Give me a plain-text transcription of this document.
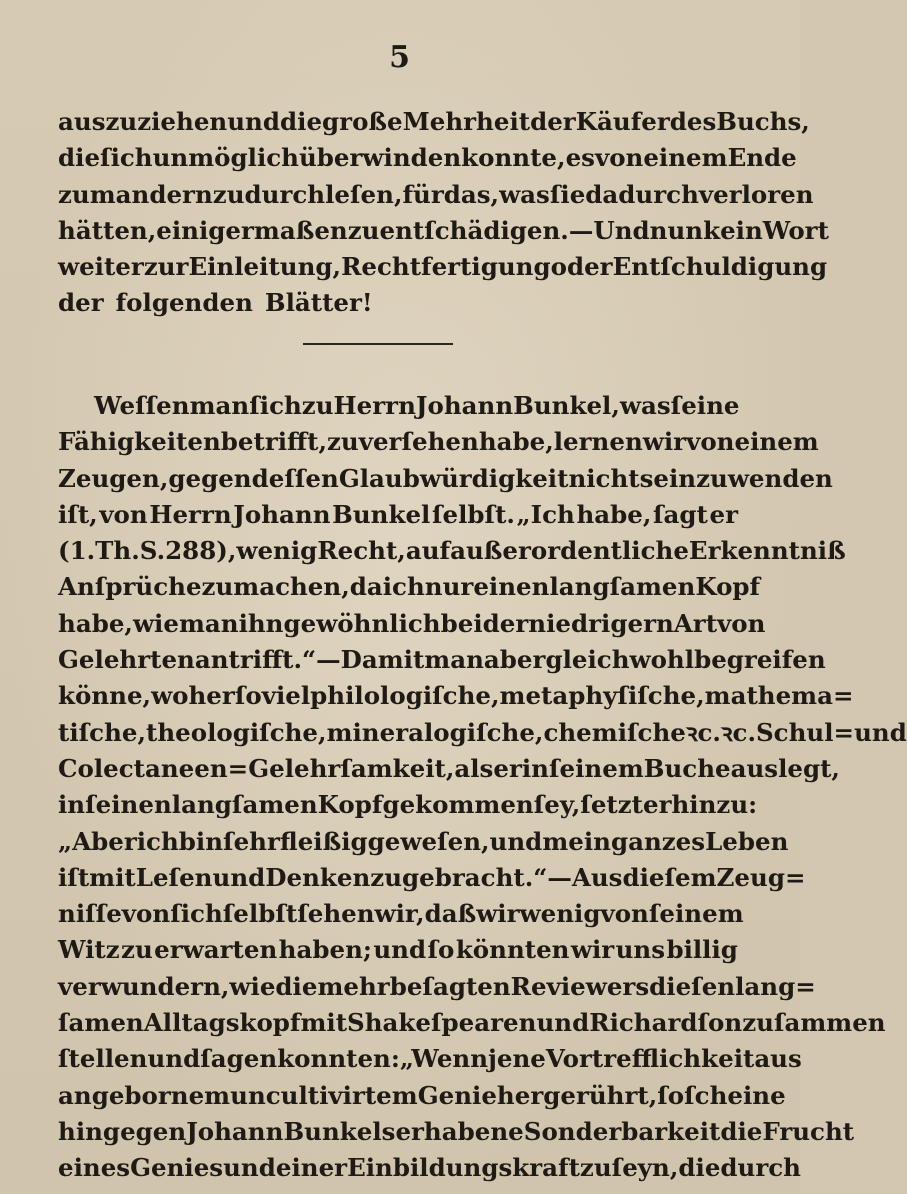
5
auszuziehen und die große Mehrheit der Käufer des Buchs,
die ſich unmöglich überwinden konnte, es von einem Ende
zum andern zu durchleſen, für das, was ſie dadurch verloren
hätten, einigermaßen zu entſchädigen. — Und nun kein Wort
weiter zur Einleitung, Rechtfertigung oder Entſchuldigung
der folgenden Blätter!
Weſſen man ſich zu Herrn Johann Bunkel, was ſeine
Fähigkeiten betrifft, zu verſehen habe, lernen wir von einem
Zeugen, gegen deſſen Glaubwürdigkeit nichts einzuwenden
iſt, von Herrn Johann Bunkel ſelbſt. „Ich habe, ſagt er
(1. Th. S. 288), wenig Recht, auf außerordentliche Erkenntniß
Anſprüche zu machen, da ich nur einen langſamen Kopf
habe, wie man ihn gewöhnlich bei der niedrigern Art von
Gelehrten antrifft.“ — Damit man aber gleichwohl begreifen
könne, woher ſo viel philologiſche, metaphyſiſche, mathema=
tiſche, theologiſche, mineralogiſche, chemiſche ꝛc. ꝛc. Schul= und
Colectaneen = Gelehrſamkeit, als er in ſeinem Buche auslegt,
in ſeinen langſamen Kopf gekommen ſey, ſetzt er hinzu:
„Aber ich bin ſehr fleißig geweſen, und mein ganzes Leben
iſt mit Leſen und Denken zugebracht.“ — Aus dieſem Zeug=
niſſe von ſich ſelbſt ſehen wir, daß wir wenig von ſeinem
Witz zu erwarten haben; und ſo könnten wir uns billig
verwundern, wie die mehr beſagten Reviewers dieſen lang=
ſamen Alltagskopf mit Shakeſpearen und Richardſon zuſammen
ſtellen und ſagen konnten: „Wenn jene Vortrefflichkeit aus
angebornem uncultivirtem Genie hergerührt, ſo ſcheine
hingegen Johann Bunkels erhabene Sonderbarkeit die Frucht
eines Genies und einer Einbildungskraft zu ſeyn, die durch
